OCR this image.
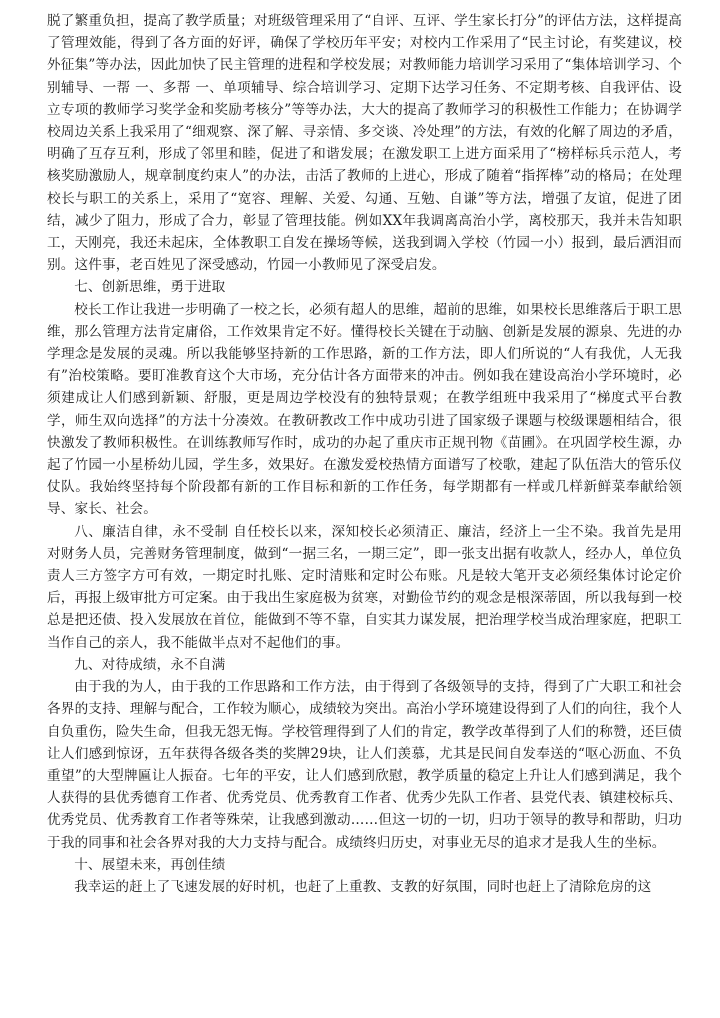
脱了繁重负担，提高了教学质量；对班级管理采用了“自评、互评、学生家长打分”的评估方法，这样提高了管理效能，得到了各方面的好评，确保了学校历年平安；对校内工作采用了“民主讨论，有奖建议，校外征集”等办法，因此加快了民主管理的进程和学校发展；对教师能力培训学习采用了“集体培训学习、个别辅导、一帮 一、多帮 一、单项辅导、综合培训学习、定期下达学习任务、不定期考核、自我评估、设立专项的教师学习奖学金和奖励考核分”等等办法，大大的提高了教师学习的积极性工作能力；在协调学校周边关系上我采用了“细观察、深了解、寻亲情、多交谈、冷处理”的方法，有效的化解了周边的矛盾，明确了互存互利，形成了邻里和睦，促进了和谐发展；在激发职工上进方面采用了“榜样标兵示范人，考核奖励激励人，规章制度约束人”的办法，击活了教师的上进心，形成了随着“指挥棒”动的格局；在处理校长与职工的关系上，采用了“宽容、理解、关爱、勾通、互勉、自谦”等方法，增强了友谊，促进了团结，减少了阻力，形成了合力，彰显了管理技能。例如XX年我调离高治小学，离校那天，我并未告知职工，天刚亮，我还未起床，全体教职工自发在操场等候，送我到调入学校（竹园一小）报到，最后洒泪而别。这件事，老百姓见了深受感动，竹园一小教师见了深受启发。

七、创新思维，勇于进取

校长工作让我进一步明确了一校之长，必须有超人的思维，超前的思维，如果校长思维落后于职工思维，那么管理方法肯定庸俗，工作效果肯定不好。懂得校长关键在于动脑、创新是发展的源泉、先进的办学理念是发展的灵魂。所以我能够坚持新的工作思路，新的工作方法，即人们所说的“人有我优，人无我有”治校策略。要盯准教育这个大市场，充分估计各方面带来的冲击。例如我在建设高治小学环境时，必须建成让人们感到新颖、舒服，更是周边学校没有的独特景观；在教学组班中我采用了“梯度式平台教学，师生双向选择”的方法十分凑效。在教研教改工作中成功引进了国家级子课题与校级课题相结合，很快激发了教师积极性。在训练教师写作时，成功的办起了重庆市正规刊物《苗圃》。在巩固学校生源，办起了竹园一小星桥幼儿园，学生多，效果好。在激发爱校热情方面谱写了校歌，建起了队伍浩大的管乐仪仗队。我始终坚持每个阶段都有新的工作目标和新的工作任务，每学期都有一样或几样新鲜菜奉献给领导、家长、社会。

八、廉洁自律，永不受制 自任校长以来，深知校长必须清正、廉洁，经济上一尘不染。我首先是用对财务人员，完善财务管理制度，做到“一据三名，一期三定”，即一张支出据有收款人，经办人，单位负责人三方签字方可有效，一期定时扎账、定时清账和定时公布账。凡是较大笔开支必须经集体讨论定价后，再报上级审批方可定案。由于我出生家庭极为贫寒，对勤俭节约的观念是根深蒂固，所以我每到一校总是把还债、投入发展放在首位，能做到不等不靠，自实其力谋发展，把治理学校当成治理家庭，把职工当作自己的亲人，我不能做半点对不起他们的事。

九、对待成绩，永不自满

由于我的为人，由于我的工作思路和工作方法，由于得到了各级领导的支持，得到了广大职工和社会各界的支持、理解与配合，工作较为顺心，成绩较为突出。高治小学环境建设得到了人们的向往，我个人自负重伤，险失生命，但我无怨无悔。学校管理得到了人们的肯定，教学改革得到了人们的称赞，还巨债让人们感到惊讶，五年获得各级各类的奖牌29块，让人们羡慕，尤其是民间自发奉送的“呕心沥血、不负重望”的大型牌匾让人振奋。七年的平安，让人们感到欣慰，教学质量的稳定上升让人们感到满足，我个人获得的县优秀德育工作者、优秀党员、优秀教育工作者、优秀少先队工作者、县党代表、镇建校标兵、优秀党员、优秀教育工作者等殊荣，让我感到激动……但这一切的一切，归功于领导的教导和帮助，归功于我的同事和社会各界对我的大力支持与配合。成绩终归历史，对事业无尽的追求才是我人生的坐标。

十、展望未来，再创佳绩

我幸运的赶上了飞速发展的好时机，也赶了上重教、支教的好氛围，同时也赶上了清除危房的这
